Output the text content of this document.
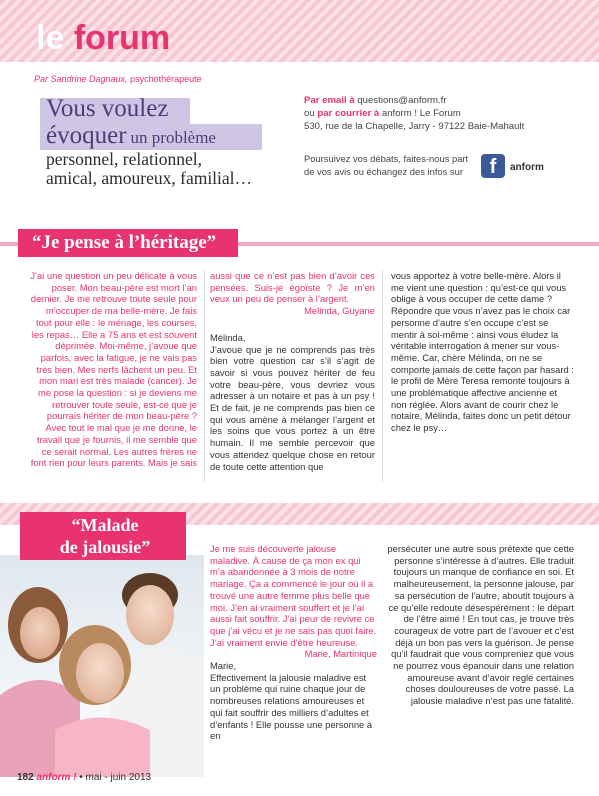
le forum
Par Sandrine Dagnaux, psychothérapeute
Vous voulez
évoquer un problème
personnel, relationnel,
amical, amoureux, familial…
Par email à questions@anform.fr
ou par courrier à anform ! Le Forum
530, rue de la Chapelle, Jarry - 97122 Baie-Mahault
Poursuivez vos débats, faites-nous part de vos avis ou échangez des infos sur	f	anform
“Je pense à l’héritage”

J’ai une question un peu délicate à vous poser. Mon beau-père est mort l’an dernier. Je me retrouve toute seule pour m’occuper de ma belle-mère. Je fais tout pour elle : le ménage, les courses, les repas… Elle a 75 ans et est souvent déprimée. Moi-même, j’avoue que parfois, avec la fatigue, je ne vais pas très bien. Mes nerfs lâchent un peu. Et mon mari est très malade (cancer). Je me pose la question : si je deviens me retrouver toute seule, est-ce que je pourrais hériter de mon beau-père ? Avec tout le mal que je me donne, le travail que je fournis, il me semble que ce serait normal. Les autres frères ne font rien pour leurs parents. Mais je sais

aussi que ce n’est pas bien d’avoir ces pensées. Suis-je égoïste ? Je m’en veux un peu de penser à l’argent.

Melinda, Guyane

Mélinda,

J’avoue que je ne comprends pas très bien votre question car s’il s’agit de savoir si vous pouvez hériter de feu votre beau-père, vous devriez vous adresser à un notaire et pas à un psy ! Et de fait, je ne comprends pas bien ce qui vous amène à mélanger l’argent et les soins que vous portez à un être humain. Il me semble percevoir que vous attendez quelque chose en retour de toute cette attention que

vous apportez à votre belle-mère. Alors il me vient une question : qu’est-ce qui vous oblige à vous occuper de cette dame ? Répondre que vous n’avez pas le choix car personne d’autre s’en occupe c’est se mentir à soi-même : ainsi vous éludez la véritable interrogation à mener sur vous-même. Car, chère Mélinda, on ne se comporte jamais de cette façon par hasard : le profil de Mère Teresa remonte toujours à une problématique affective ancienne et non réglée. Alors avant de courir chez le notaire, Mélinda, faites donc un petit détour chez le psy…

“Malade
de jalousie”	Je me suis découverte jalouse maladive. À cause de ça mon ex qui m’a abandonnée à 3 mois de notre mariage. Ça a commencé le jour où il a trouvé une autre femme plus belle que moi. J’en ai vraiment souffert et je l’ai aussi fait souffrir. J’ai peur de revivre ce que j’ai vécu et je ne sais pas quoi faire. J’ai vraiment envie d’être heureuse.

Marie, Martinique

Marie,

Effectivement la jalousie maladive est un problème qui ruine chaque jour de nombreuses relations amoureuses et qui fait souffrir des milliers d’adultes et d’enfants ! Elle pousse une personne à en

persécuter une autre sous prétexte que cette personne s’intéresse à d’autres. Elle traduit toujours un manque de confiance en soi. Et malheureusement, la personne jalouse, par sa persécution de l’autre, aboutit toujours à ce qu’elle redoute désespérément : le départ de l’être aimé ! En tout cas, je trouve très courageux de votre part de l’avouer et c’est déjà un bon pas vers la guérison. Je pense qu’il faudrait que vous compreniez que vous ne pourrez vous épanouir dans une relation amoureuse avant d’avoir reglé certaines choses douloureuses de votre passé. La jalousie maladive n’est pas une fatalité.

182 anform ! • mai - juin 2013
